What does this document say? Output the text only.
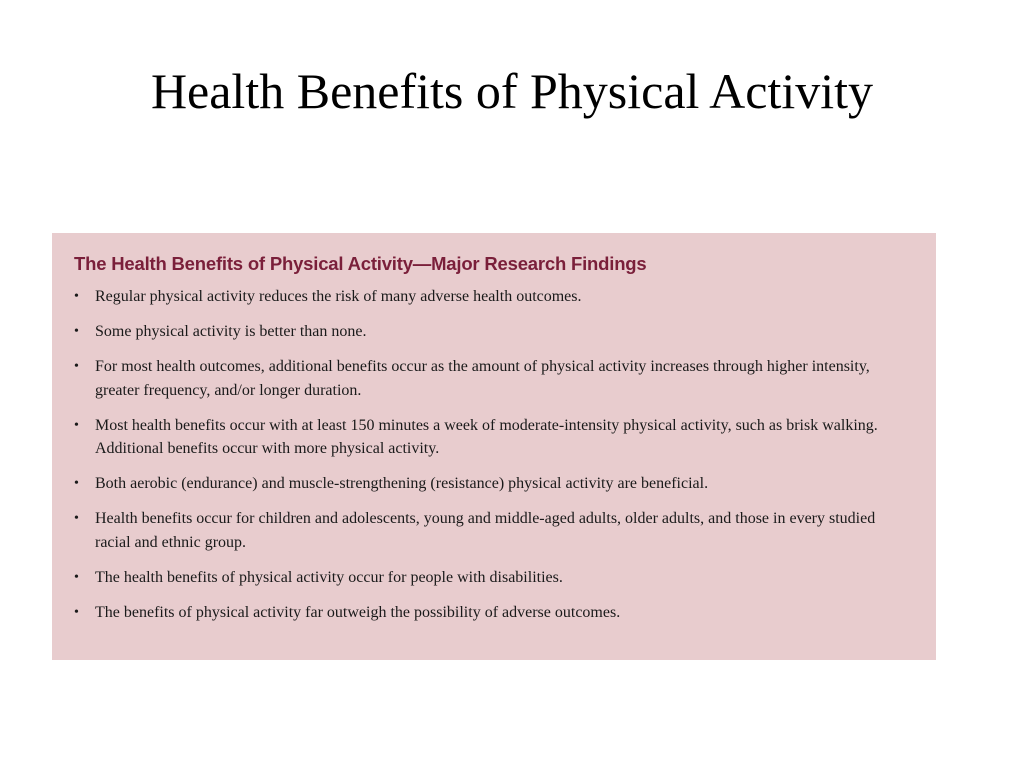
Health Benefits of Physical Activity
The Health Benefits of Physical Activity—Major Research Findings
• Regular physical activity reduces the risk of many adverse health outcomes.
• Some physical activity is better than none.
• For most health outcomes, additional benefits occur as the amount of physical activity increases through higher intensity, greater frequency, and/or longer duration.
• Most health benefits occur with at least 150 minutes a week of moderate-intensity physical activity, such as brisk walking. Additional benefits occur with more physical activity.
• Both aerobic (endurance) and muscle-strengthening (resistance) physical activity are beneficial.
• Health benefits occur for children and adolescents, young and middle-aged adults, older adults, and those in every studied racial and ethnic group.
• The health benefits of physical activity occur for people with disabilities.
• The benefits of physical activity far outweigh the possibility of adverse outcomes.
